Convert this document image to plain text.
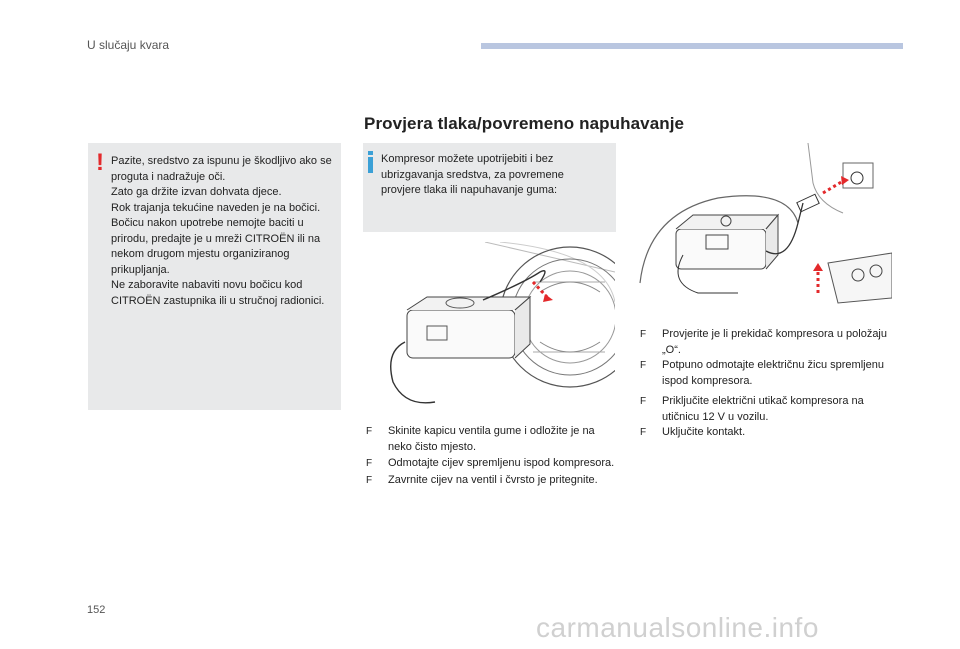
U slučaju kvara
Provjera tlaka/povremeno napuhavanje
! Pazite, sredstvo za ispunu je škodljivo ako se proguta i nadražuje oči.
Zato ga držite izvan dohvata djece.
Rok trajanja tekućine naveden je na bočici.
Bočicu nakon upotrebe nemojte baciti u prirodu, predajte je u mreži CITROËN ili na nekom drugom mjestu organiziranog prikupljanja.
Ne zaboravite nabaviti novu bočicu kod CITROËN zastupnika ili u stručnoj radionici.
Kompresor možete upotrijebiti i bez ubrizgavanja sredstva, za povremene provjere tlaka ili napuhavanje guma:
F Skinite kapicu ventila gume i odložite je na neko čisto mjesto.
F Odmotajte cijev spremljenu ispod kompresora.
F Zavrnite cijev na ventil i čvrsto je pritegnite.
F Provjerite je li prekidač kompresora u položaju „O“.
F Potpuno odmotajte električnu žicu spremljenu ispod kompresora.
F Priključite električni utikač kompresora na utičnicu 12 V u vozilu.
F Uključite kontakt.
152
carmanualsonline.info
